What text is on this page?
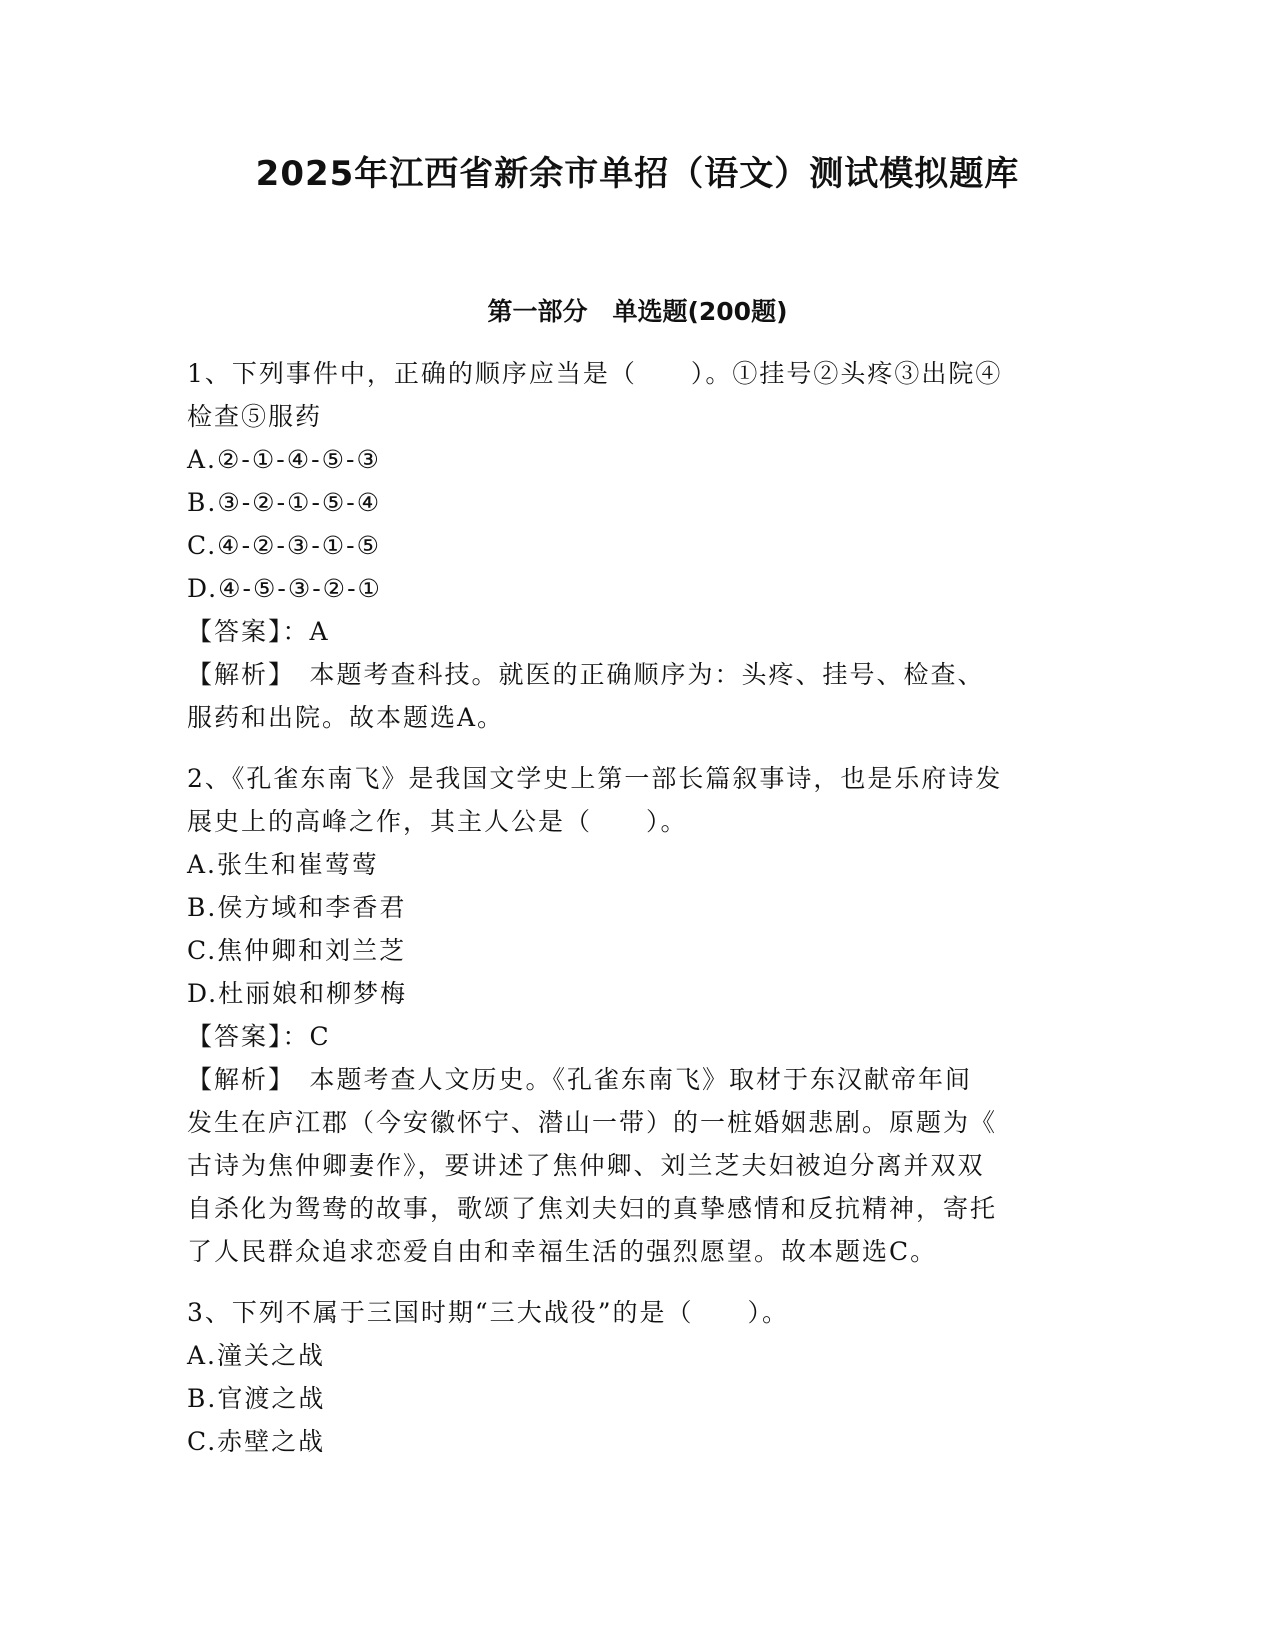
2025年江西省新余市单招（语文）测试模拟题库
第一部分　单选题(200题)
1、下列事件中，正确的顺序应当是（　　）。①挂号②头疼③出院④
检查⑤服药
A.②-①-④-⑤-③
B.③-②-①-⑤-④
C.④-②-③-①-⑤
D.④-⑤-③-②-①
【答案】：A
【解析】　本题考查科技。就医的正确顺序为：头疼、挂号、检查、
服药和出院。故本题选A。
2、《孔雀东南飞》是我国文学史上第一部长篇叙事诗，也是乐府诗发
展史上的高峰之作，其主人公是（　　）。
A.张生和崔莺莺
B.侯方域和李香君
C.焦仲卿和刘兰芝
D.杜丽娘和柳梦梅
【答案】：C
【解析】　本题考查人文历史。《孔雀东南飞》取材于东汉献帝年间
发生在庐江郡（今安徽怀宁、潜山一带）的一桩婚姻悲剧。原题为《
古诗为焦仲卿妻作》，要讲述了焦仲卿、刘兰芝夫妇被迫分离并双双
自杀化为鸳鸯的故事，歌颂了焦刘夫妇的真挚感情和反抗精神，寄托
了人民群众追求恋爱自由和幸福生活的强烈愿望。故本题选C。
3、下列不属于三国时期“三大战役”的是（　　）。
A.潼关之战
B.官渡之战
C.赤壁之战
